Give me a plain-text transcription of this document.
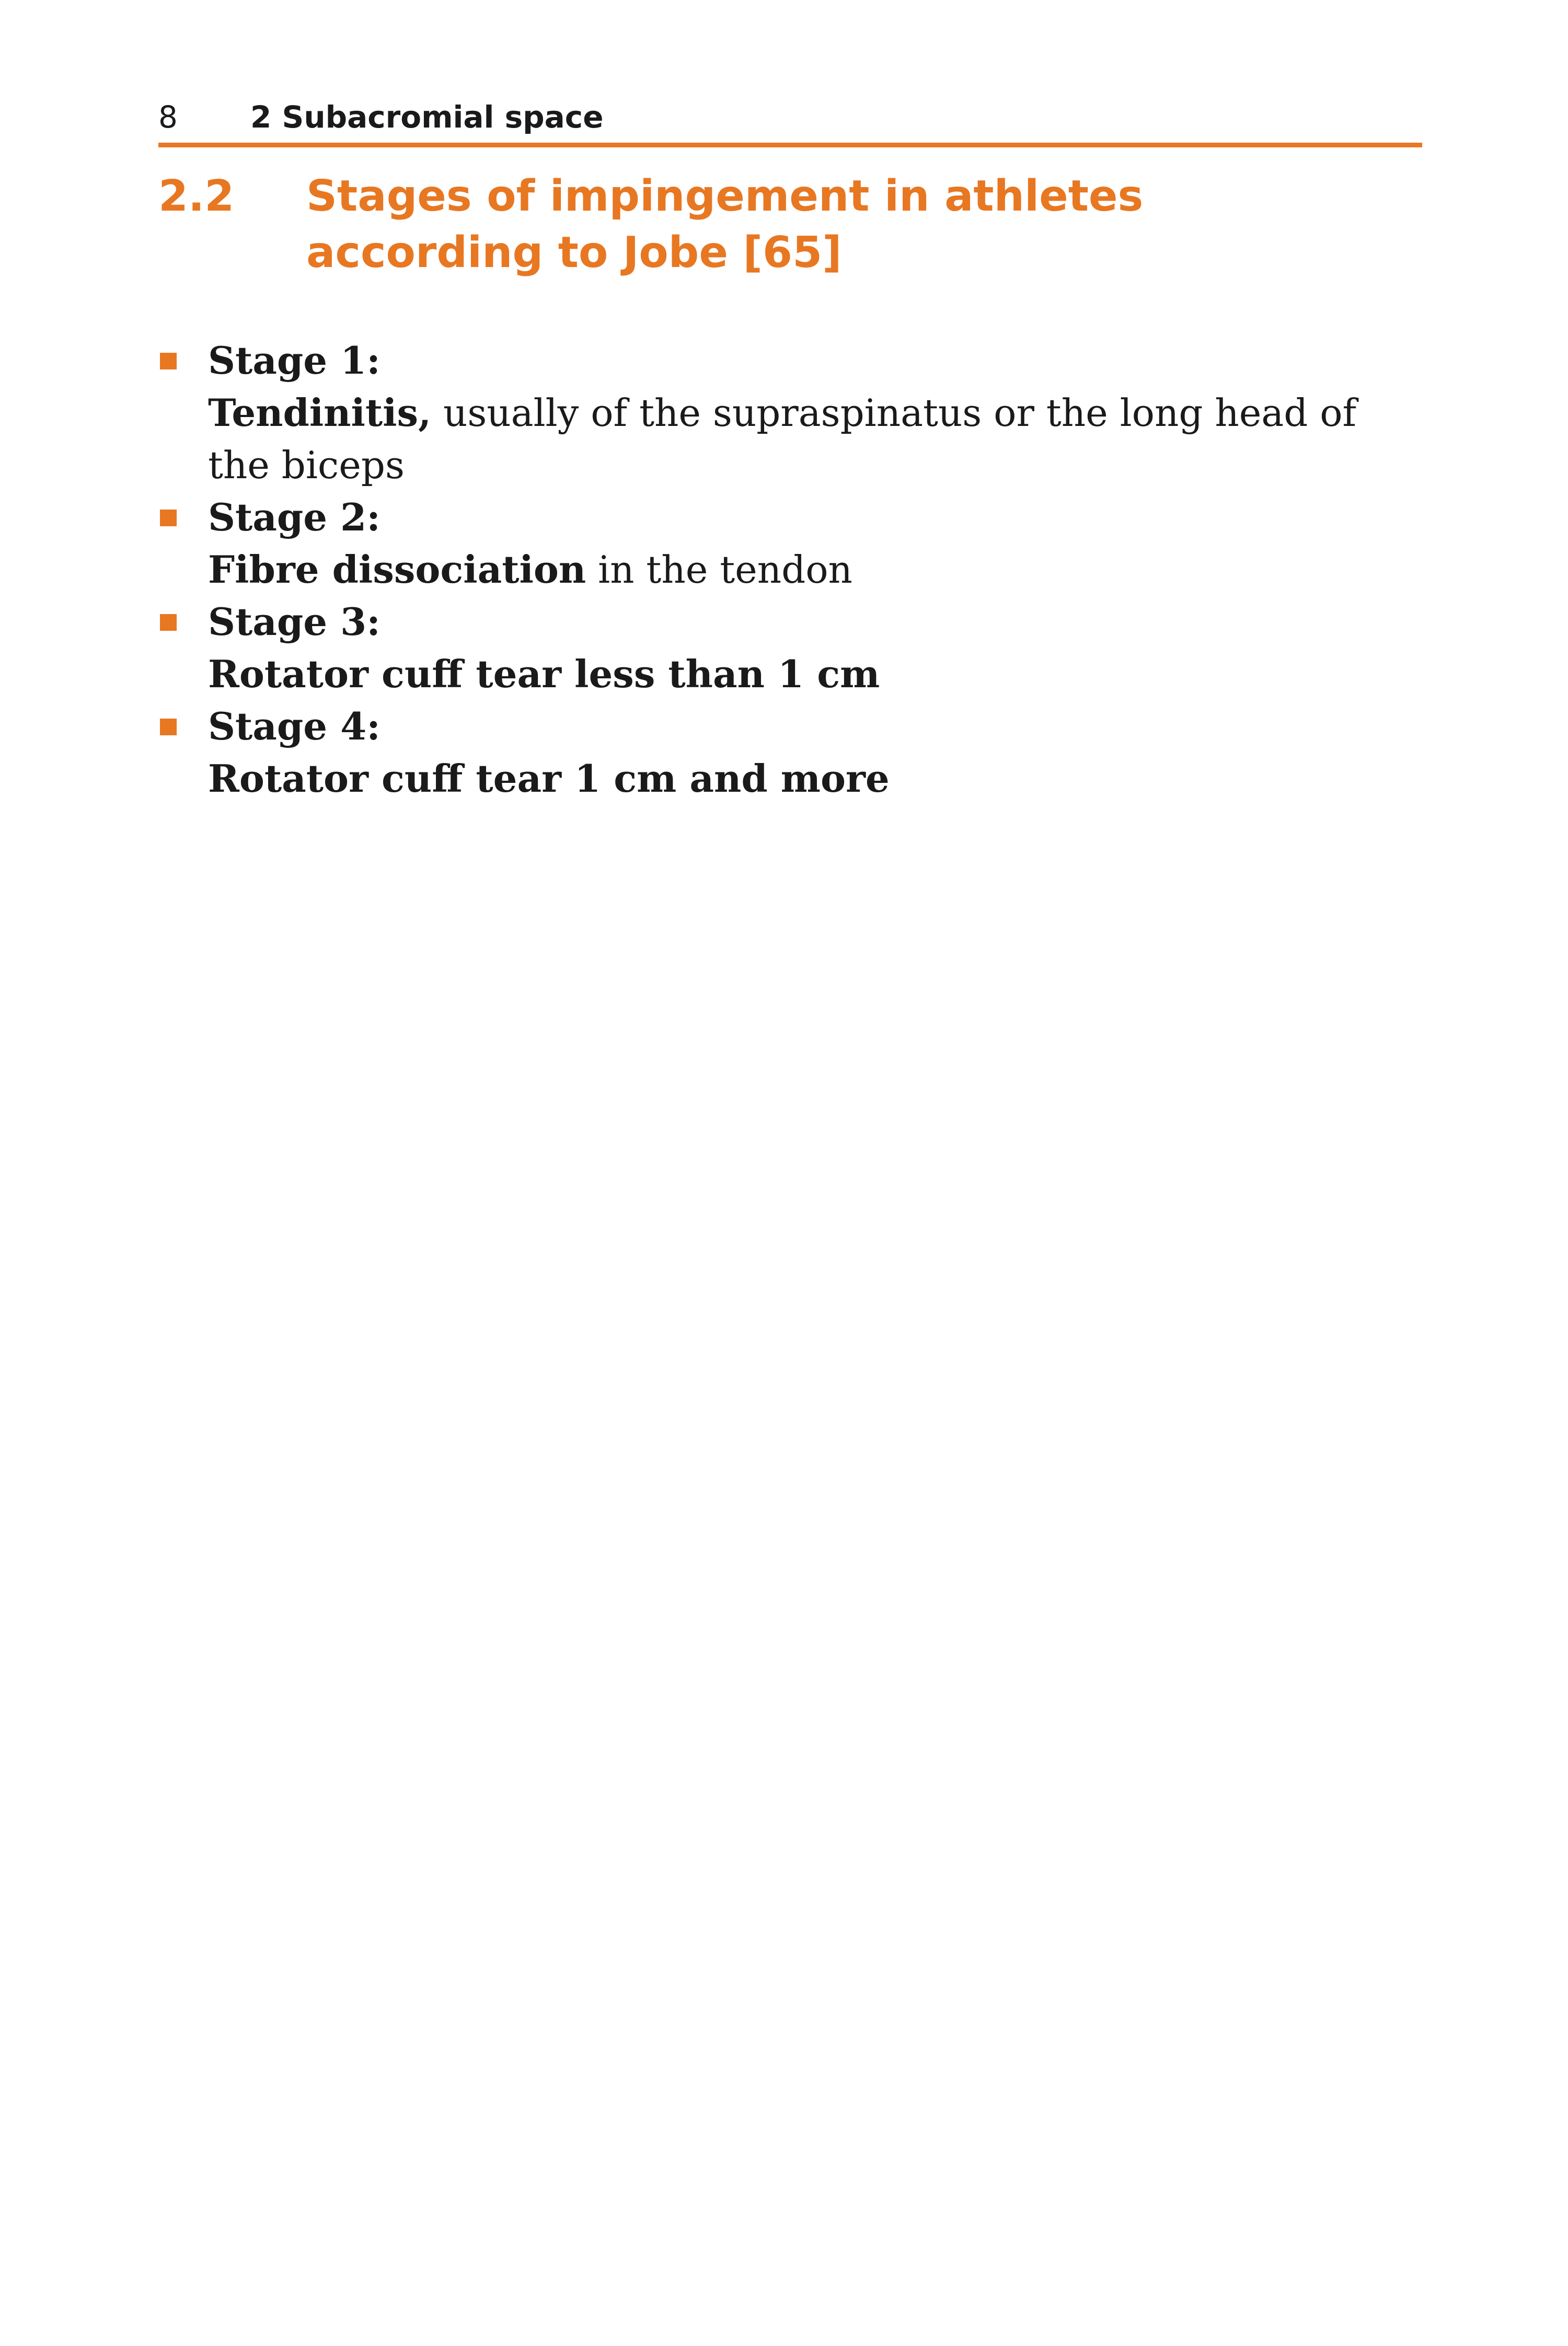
8 2 Subacromial space
2.2 Stages of impingement in athletes according to Jobe [65]
Stage 1:
Tendinitis, usually of the supraspinatus or the long head of the biceps
Stage 2:
Fibre dissociation in the tendon
Stage 3:
Rotator cuff tear less than 1 cm
Stage 4:
Rotator cuff tear 1 cm and more
